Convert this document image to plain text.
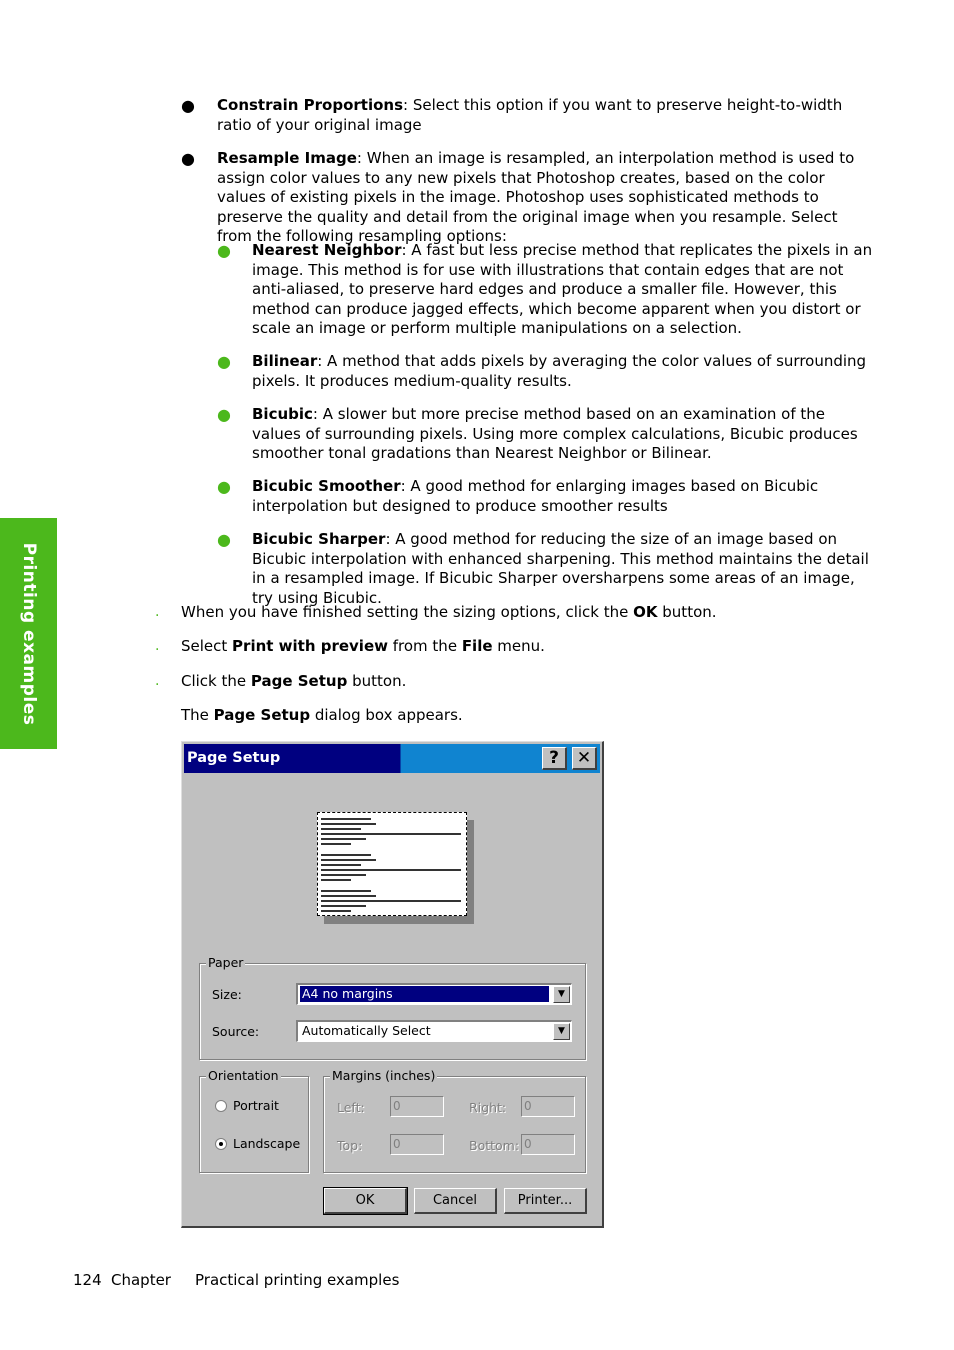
Printing examples
● Constrain Proportions: Select this option if you want to preserve height-to-width ratio of your original image

● Resample Image: When an image is resampled, an interpolation method is used to assign color values to any new pixels that Photoshop creates, based on the color values of existing pixels in the image. Photoshop uses sophisticated methods to preserve the quality and detail from the original image when you resample. Select from the following resampling options:

● Nearest Neighbor: A fast but less precise method that replicates the pixels in an image. This method is for use with illustrations that contain edges that are not anti-aliased, to preserve hard edges and produce a smaller file. However, this method can produce jagged effects, which become apparent when you distort or scale an image or perform multiple manipulations on a selection.

● Bilinear: A method that adds pixels by averaging the color values of surrounding pixels. It produces medium-quality results.

● Bicubic: A slower but more precise method based on an examination of the values of surrounding pixels. Using more complex calculations, Bicubic produces smoother tonal gradations than Nearest Neighbor or Bilinear.

● Bicubic Smoother: A good method for enlarging images based on Bicubic interpolation but designed to produce smoother results

● Bicubic Sharper: A good method for reducing the size of an image based on Bicubic interpolation with enhanced sharpening. This method maintains the detail in a resampled image. If Bicubic Sharper oversharpens some areas of an image, try using Bicubic.

. When you have finished setting the sizing options, click the OK button.

. Select Print with preview from the File menu.

. Click the Page Setup button.

The Page Setup dialog box appears.

Page Setup	?	✕
Paper
Size:	A4 no margins	▼
Source:	Automatically Select	▼
Orientation
Portrait
Landscape
Margins (inches)
Left: 0	Right: 0
Top:	0	Bottom: 0
OK	Cancel	Printer...
124 Chapter Practical printing examples
